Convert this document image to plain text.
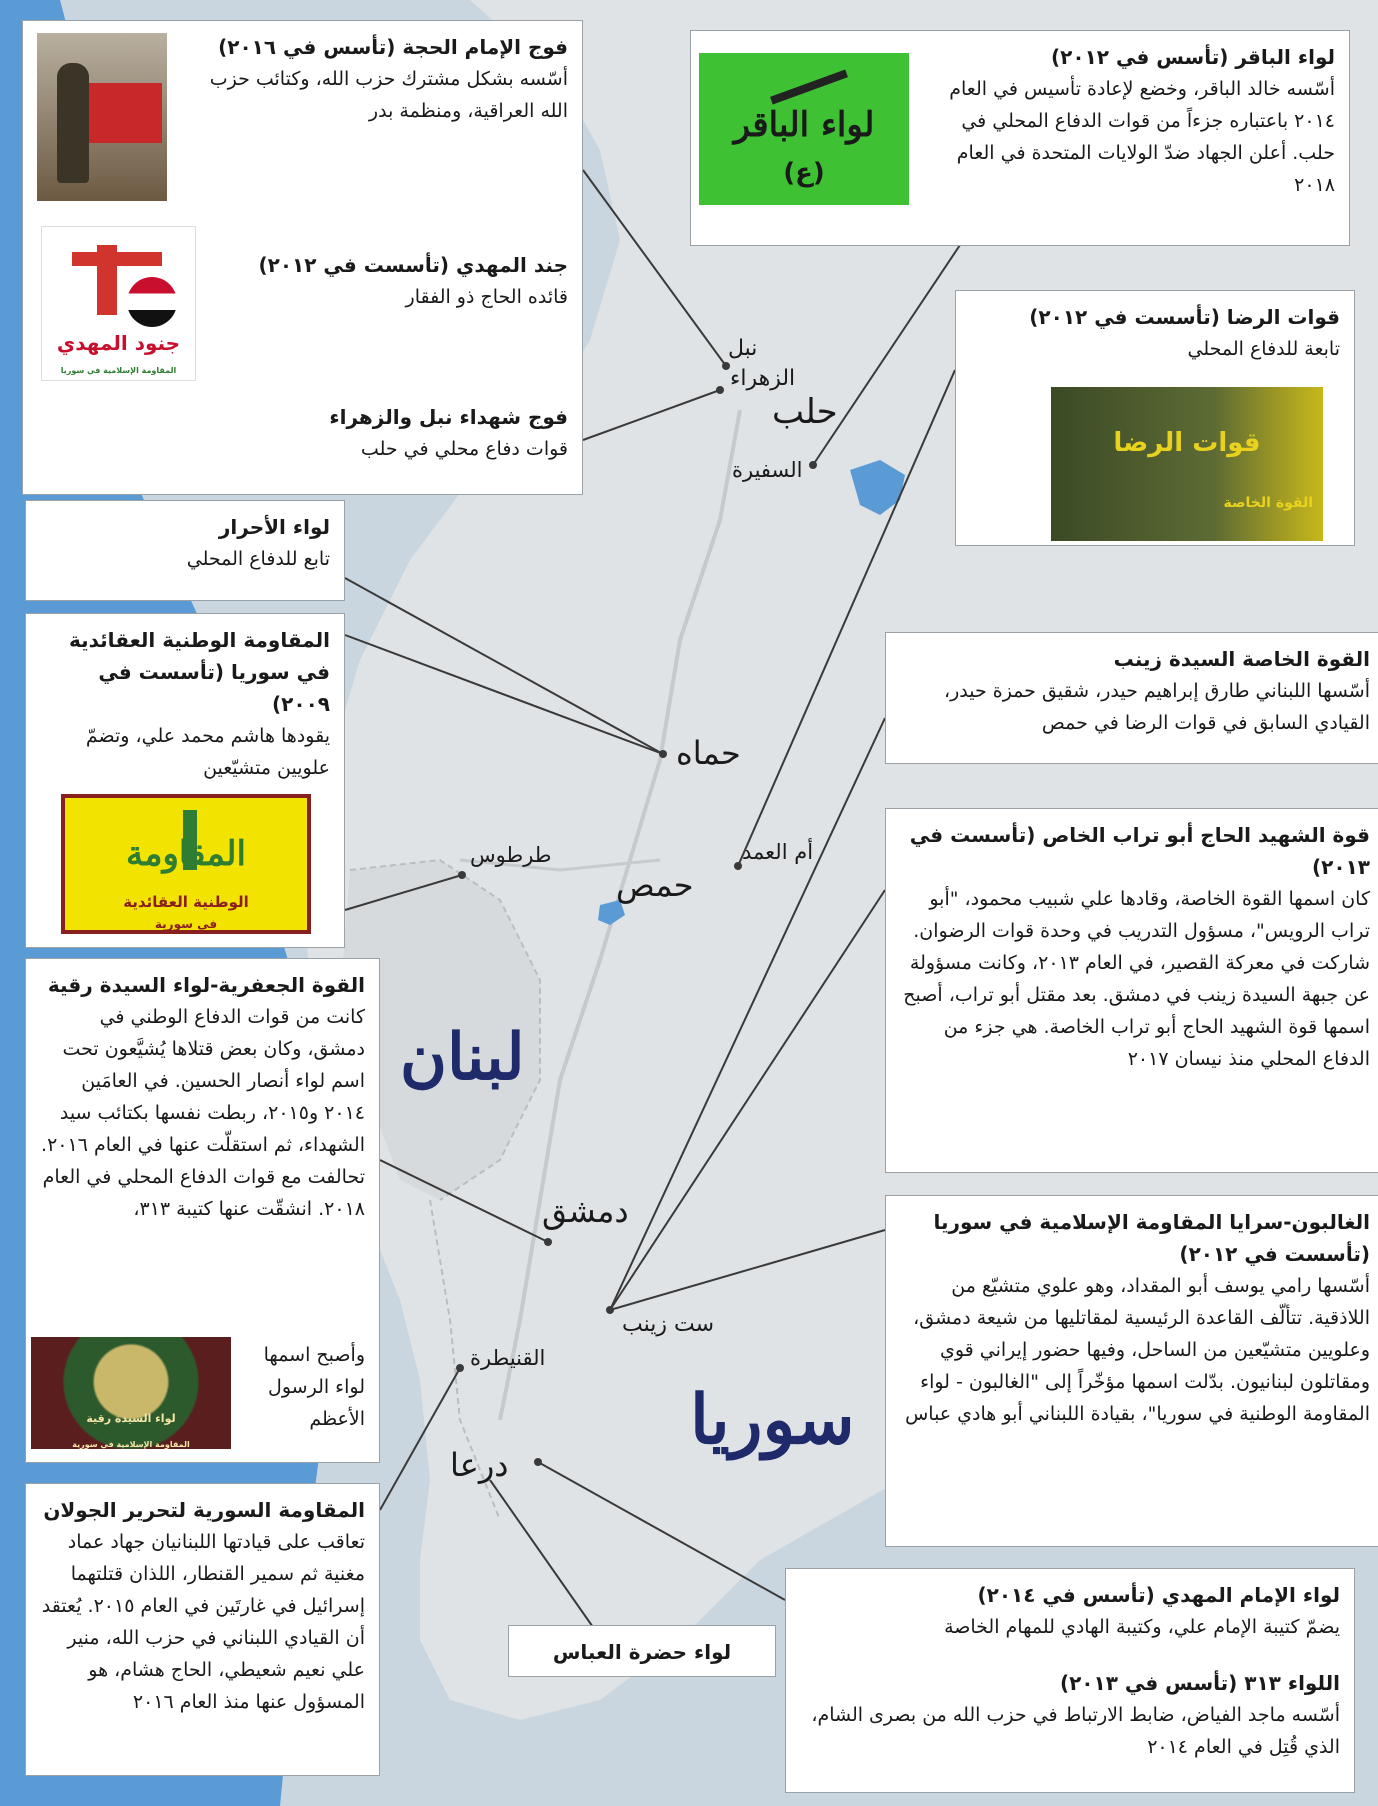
نبل
الزهراء
حلب
السفيرة
حماه
طرطوس
حمص
أم العمد
دمشق
ست زينب
القنيطرة
درعا
لبنان
سوريا
فوج الإمام الحجة (تأسس في ٢٠١٦)

أسّسه بشكل مشترك حزب الله، وكتائب حزب الله العراقية، ومنظمة بدر

جند المهدي (تأسست في ٢٠١٢)

قائده الحاج ذو الفقار

جنود المهدي
المقاومة الإسلامية في سوريا
فوج شهداء نبل والزهراء

قوات دفاع محلي في حلب

لواء الباقر (تأسس في ٢٠١٢)

أسّسه خالد الباقر، وخضع لإعادة تأسيس في العام ٢٠١٤ باعتباره جزءاً من قوات الدفاع المحلي في حلب. أعلن الجهاد ضدّ الولايات المتحدة في العام ٢٠١٨

لواء الباقر
(ع)
قوات الرضا (تأسست في ٢٠١٢)

تابعة للدفاع المحلي

قوات الرضا
القوة الخاصة
لواء الأحرار

تابع للدفاع المحلي

المقاومة الوطنية العقائدية في سوريا (تأسست في ٢٠٠٩)

يقودها هاشم محمد علي، وتضمّ علويين متشيّعين

المقاومة
الوطنية العقائدية
في سورية
القوة الخاصة السيدة زينب

أسّسها اللبناني طارق إبراهيم حيدر، شقيق حمزة حيدر، القيادي السابق في قوات الرضا في حمص

قوة الشهيد الحاج أبو تراب الخاص (تأسست في ٢٠١٣)

كان اسمها القوة الخاصة، وقادها علي شبيب محمود، "أبو تراب الرويس"، مسؤول التدريب في وحدة قوات الرضوان. شاركت في معركة القصير، في العام ٢٠١٣، وكانت مسؤولة عن جبهة السيدة زينب في دمشق. بعد مقتل أبو تراب، أصبح اسمها قوة الشهيد الحاج أبو تراب الخاصة. هي جزء من الدفاع المحلي منذ نيسان ٢٠١٧

القوة الجعفرية-لواء السيدة رقية

كانت من قوات الدفاع الوطني في دمشق، وكان بعض قتلاها يُشيَّعون تحت اسم لواء أنصار الحسين. في العامَين ٢٠١٤ و٢٠١٥، ربطت نفسها بكتائب سيد الشهداء، ثم استقلّت عنها في العام ٢٠١٦. تحالفت مع قوات الدفاع المحلي في العام ٢٠١٨. انشقّت عنها كتيبة ٣١٣،

وأصبح اسمها لواء الرسول الأعظم
لواء السيدة رقية
المقاومة الإسلامية في سورية
الغالبون-سرايا المقاومة الإسلامية في سوريا (تأسست في ٢٠١٢)

أسّسها رامي يوسف أبو المقداد، وهو علوي متشيّع من اللاذقية. تتألّف القاعدة الرئيسية لمقاتليها من شيعة دمشق، وعلويين متشيّعين من الساحل، وفيها حضور إيراني قوي ومقاتلون لبنانيون. بدّلت اسمها مؤخّراً إلى "الغالبون - لواء المقاومة الوطنية في سوريا"، بقيادة اللبناني أبو هادي عباس

المقاومة السورية لتحرير الجولان

تعاقب على قيادتها اللبنانيان جهاد عماد مغنية ثم سمير القنطار، اللذان قتلتهما إسرائيل في غارتَين في العام ٢٠١٥. يُعتقد أن القيادي اللبناني في حزب الله، منير علي نعيم شعيطي، الحاج هشام، هو المسؤول عنها منذ العام ٢٠١٦

لواء حضرة العباس
لواء الإمام المهدي (تأسس في ٢٠١٤)

يضمّ كتيبة الإمام علي، وكتيبة الهادي للمهام الخاصة

اللواء ٣١٣ (تأسس في ٢٠١٣)

أسّسه ماجد الفياض، ضابط الارتباط في حزب الله من بصرى الشام، الذي قُتِل في العام ٢٠١٤
